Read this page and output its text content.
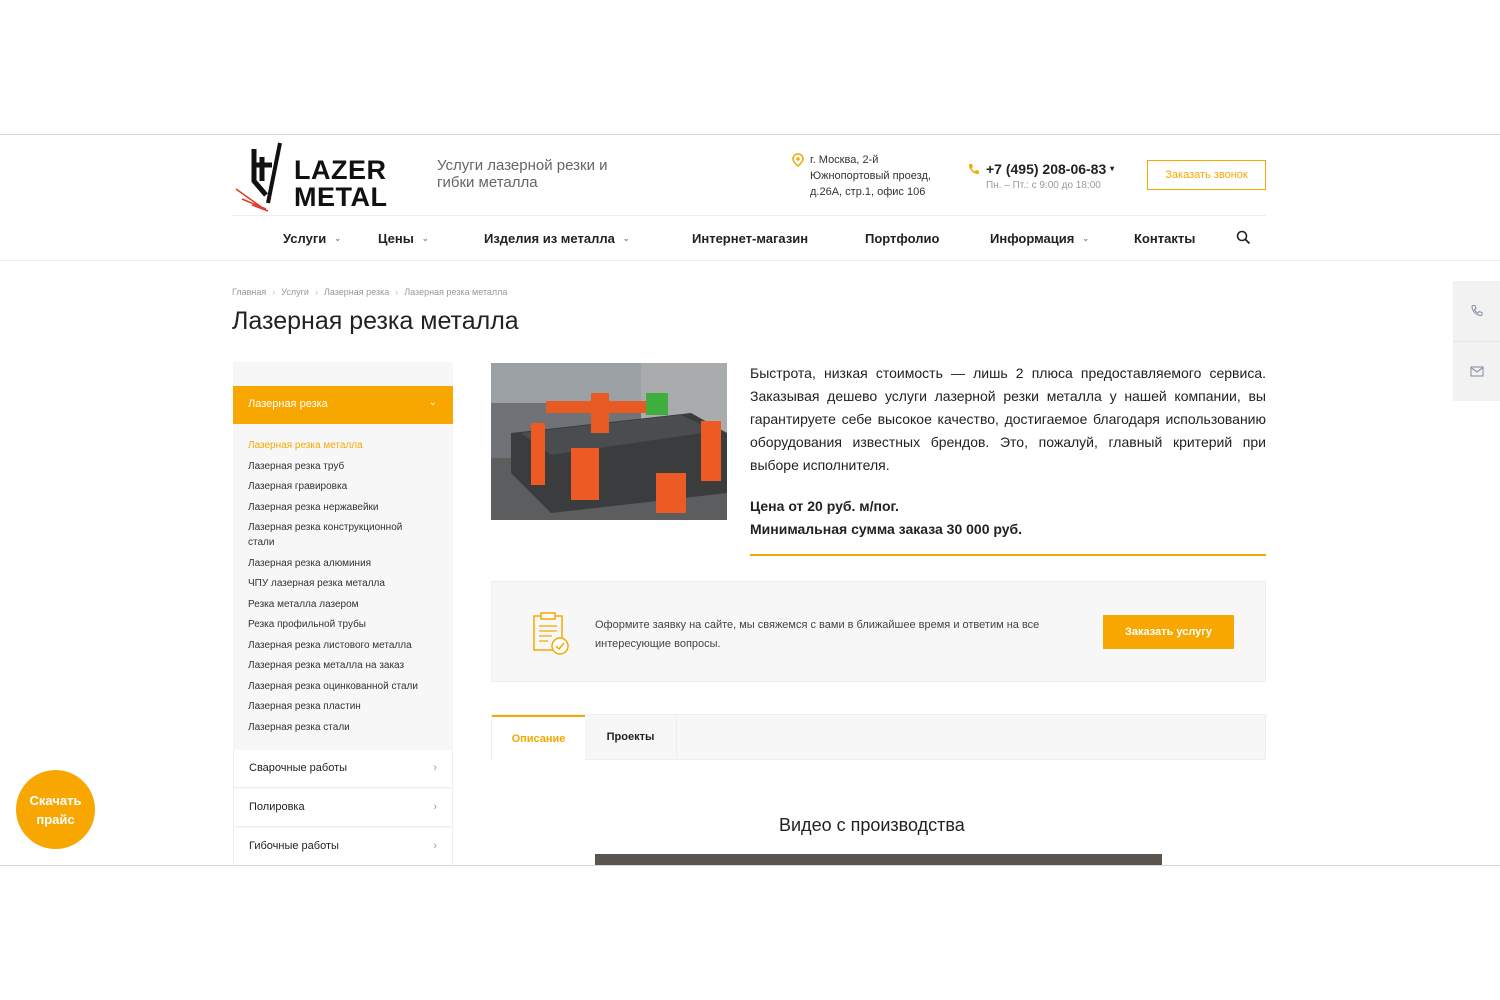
LAZER
METAL
Услуги лазерной резки и гибки металла
г. Москва, 2-й Южнопортовый проезд, д.26А, стр.1, офис 106
+7 (495) 208-06-83 ▾
Пн. – Пт.: с 9:00 до 18:00
Заказать звонок
Услуги ⌄	Цены ⌄	Изделия из металла ⌄	Интернет-магазин	Портфолио	Информация ⌄	Контакты
Главная › Услуги › Лазерная резка › Лазерная резка металла
Лазерная резка металла
Лазерная резка	⌄
Лазерная резка металла
Лазерная резка труб
Лазерная гравировка
Лазерная резка нержавейки
Лазерная резка конструкционной стали
Лазерная резка алюминия
ЧПУ лазерная резка металла
Резка металла лазером
Резка профильной трубы
Лазерная резка листового металла
Лазерная резка металла на заказ
Лазерная резка оцинкованной стали
Лазерная резка пластин
Лазерная резка стали
Сварочные работы	›
Полировка	›
Гибочные работы	›
Быстрота, низкая стоимость — лишь 2 плюса предоставляемого сервиса. Заказывая дешево услуги лазерной резки металла у нашей компании, вы гарантируете себе высокое качество, достигаемое благодаря использованию оборудования известных брендов. Это, пожалуй, главный критерий при выборе исполнителя.
Цена от 20 руб. м/пог.
Минимальная сумма заказа 30 000 руб.
Оформите заявку на сайте, мы свяжемся с вами в ближайшее время и ответим на все интересующие вопросы.
Заказать услугу
Описание	Проекты
Видео с производства
Скачать прайс
